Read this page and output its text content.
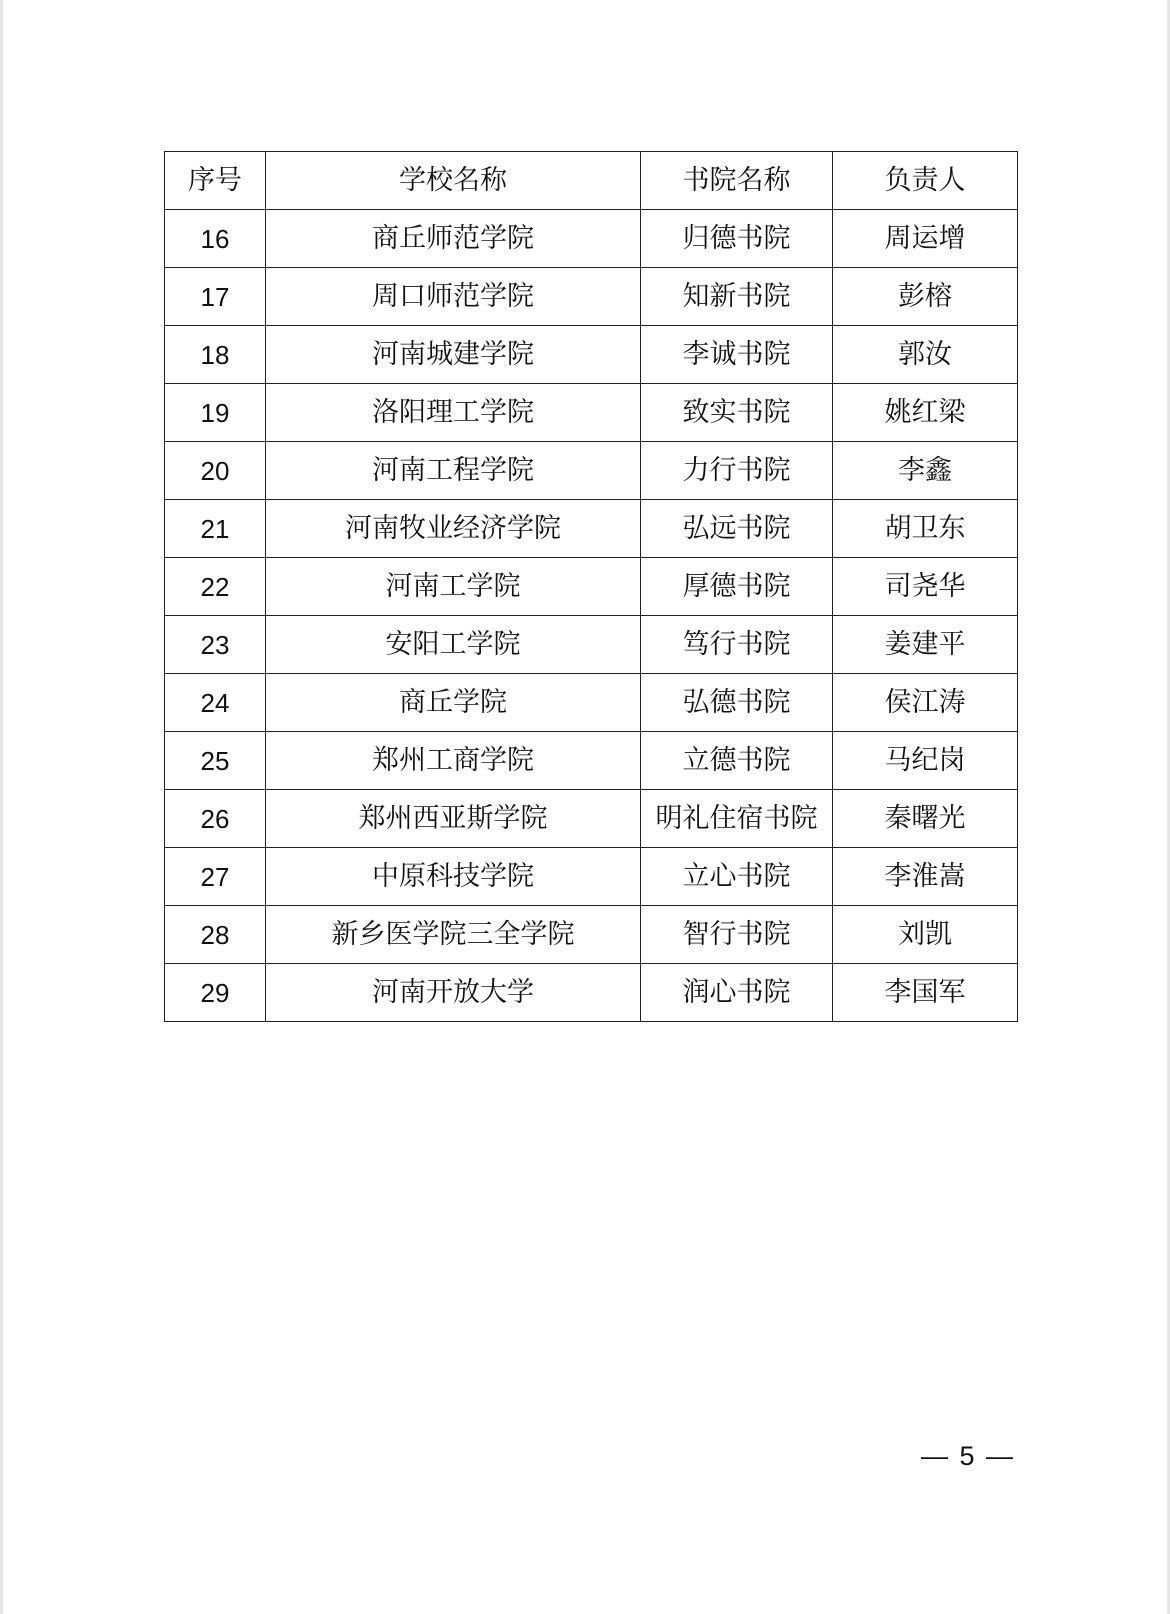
序号	学校名称	书院名称	负责人
16	商丘师范学院	归德书院	周运增
17	周口师范学院	知新书院	彭榕
18	河南城建学院	李诚书院	郭汝
19	洛阳理工学院	致实书院	姚红梁
20	河南工程学院	力行书院	李鑫
21	河南牧业经济学院	弘远书院	胡卫东
22	河南工学院	厚德书院	司尧华
23	安阳工学院	笃行书院	姜建平
24	商丘学院	弘德书院	侯江涛
25	郑州工商学院	立德书院	马纪岗
26	郑州西亚斯学院	明礼住宿书院	秦曙光
27	中原科技学院	立心书院	李淮嵩
28	新乡医学院三全学院	智行书院	刘凯
29	河南开放大学	润心书院	李国军
— 5 —
